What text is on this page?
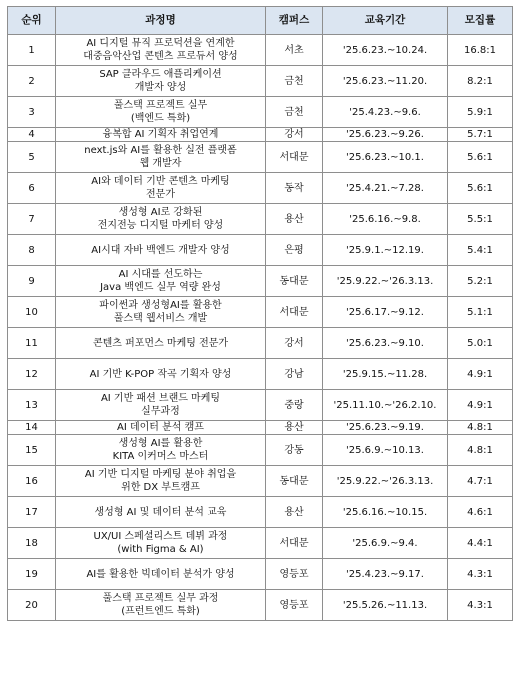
순위	과정명	캠퍼스	교육기간	모집률
1	AI 디지털 뮤직 프로덕션을 연계한
대중음악산업 콘텐츠 프로듀서 양성	서초	'25.6.23.~10.24.	16.8:1
2	SAP 클라우드 애플리케이션
개발자 양성	금천	'25.6.23.~11.20.	8.2:1
3	풀스택 프로젝트 실무
(백엔드 특화)	금천	'25.4.23.~9.6.	5.9:1
4	융복합 AI 기획자 취업연계	강서	'25.6.23.~9.26.	5.7:1
5	next.js와 AI를 활용한 실전 플랫폼
웹 개발자	서대문	'25.6.23.~10.1.	5.6:1
6	AI와 데이터 기반 콘텐츠 마케팅
전문가	동작	'25.4.21.~7.28.	5.6:1
7	생성형 AI로 강화된
전지전능 디지털 마케터 양성	용산	'25.6.16.~9.8.	5.5:1
8	AI시대 자바 백엔드 개발자 양성	은평	'25.9.1.~12.19.	5.4:1
9	AI 시대를 선도하는
Java 백엔드 실무 역량 완성	동대문	'25.9.22.~'26.3.13.	5.2:1
10	파이썬과 생성형AI를 활용한
풀스택 웹서비스 개발	서대문	'25.6.17.~9.12.	5.1:1
11	콘텐츠 퍼포먼스 마케팅 전문가	강서	'25.6.23.~9.10.	5.0:1
12	AI 기반 K-POP 작곡 기획자 양성	강남	'25.9.15.~11.28.	4.9:1
13	AI 기반 패션 브랜드 마케팅
실무과정	중랑	'25.11.10.~'26.2.10.	4.9:1
14	AI 데이터 분석 캠프	용산	'25.6.23.~9.19.	4.8:1
15	생성형 AI를 활용한
KITA 이커머스 마스터	강동	'25.6.9.~10.13.	4.8:1
16	AI 기반 디지털 마케팅 분야 취업을
위한 DX 부트캠프	동대문	'25.9.22.~'26.3.13.	4.7:1
17	생성형 AI 및 데이터 분석 교육	용산	'25.6.16.~10.15.	4.6:1
18	UX/UI 스페셜리스트 데뷔 과정
(with Figma & AI)	서대문	'25.6.9.~9.4.	4.4:1
19	AI를 활용한 빅데이터 분석가 양성	영등포	'25.4.23.~9.17.	4.3:1
20	풀스택 프로젝트 실무 과정
(프런트엔드 특화)	영등포	'25.5.26.~11.13.	4.3:1
